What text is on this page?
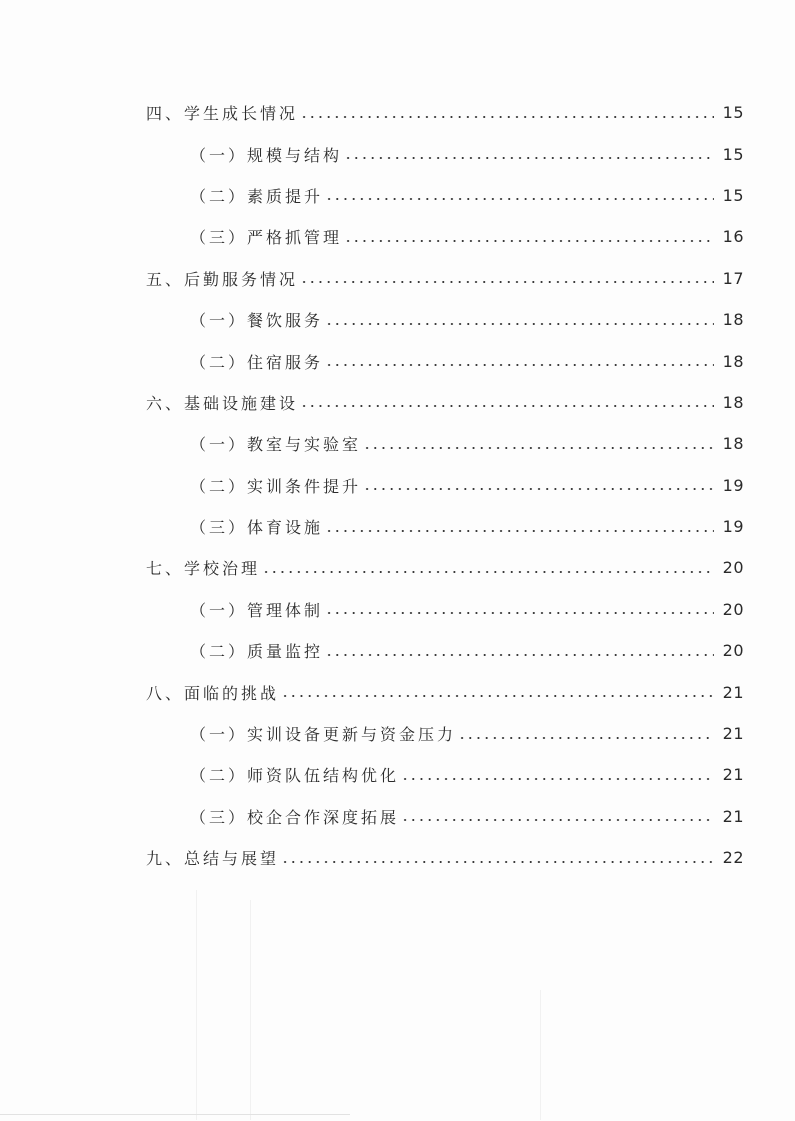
四、学生成长情况	15
（一）规模与结构	15
（二）素质提升	15
（三）严格抓管理	16
五、后勤服务情况	17
（一）餐饮服务	18
（二）住宿服务	18
六、基础设施建设	18
（一）教室与实验室	18
（二）实训条件提升	19
（三）体育设施	19
七、学校治理	20
（一）管理体制	20
（二）质量监控	20
八、面临的挑战	21
（一）实训设备更新与资金压力	21
（二）师资队伍结构优化	21
（三）校企合作深度拓展	21
九、总结与展望	22
